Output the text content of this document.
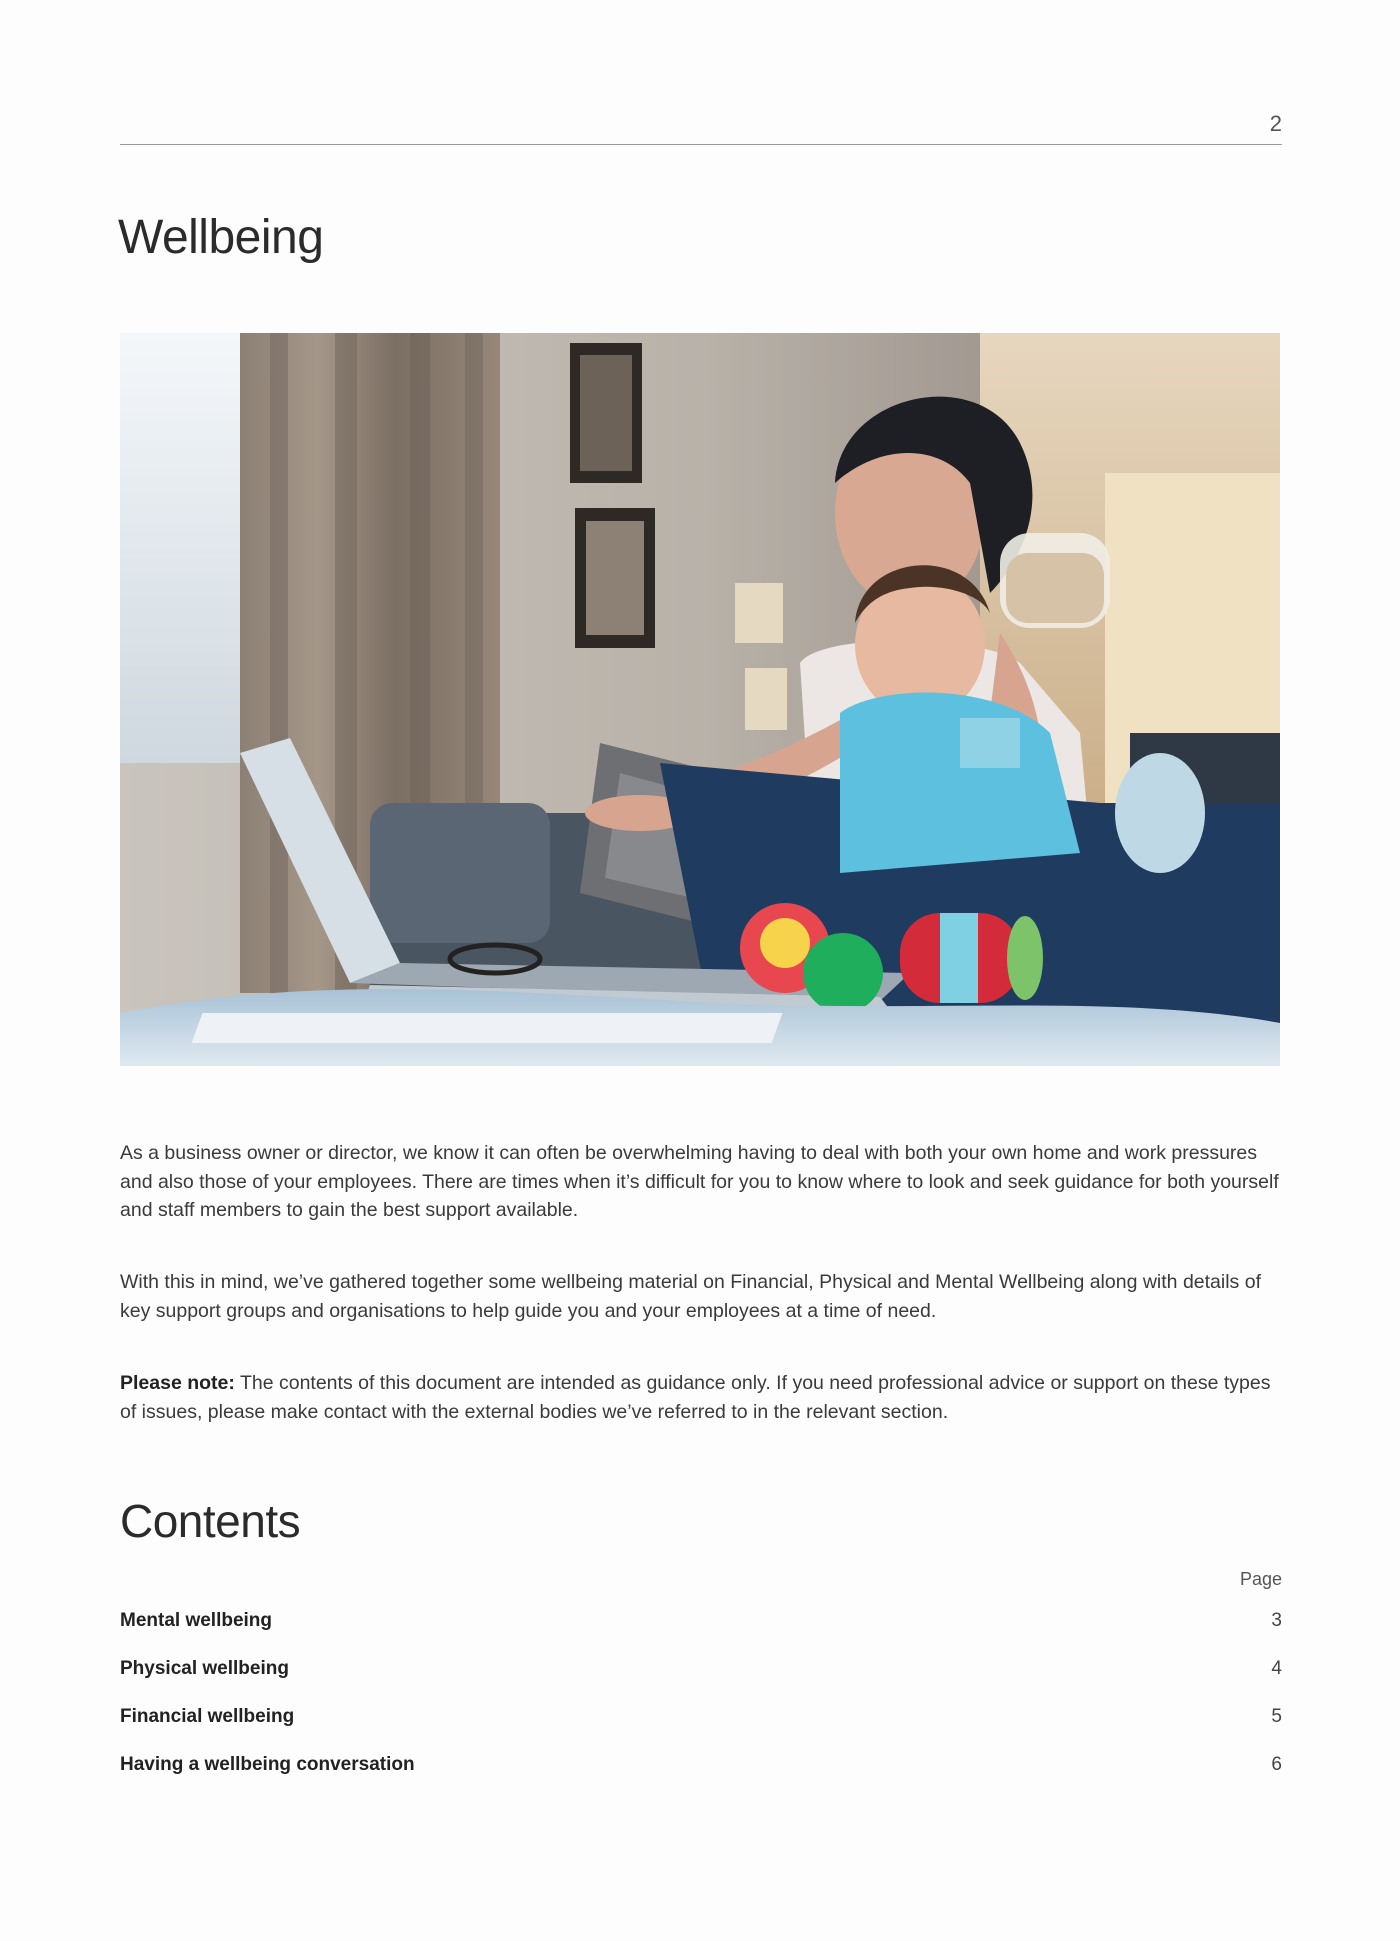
2
Wellbeing
As a business owner or director, we know it can often be overwhelming having to deal with both your own home and work pressures and also those of your employees. There are times when it’s difficult for you to know where to look and seek guidance for both yourself and staff members to gain the best support available.
With this in mind, we’ve gathered together some wellbeing material on Financial, Physical and Mental Wellbeing along with details of key support groups and organisations to help guide you and your employees at a time of need.
Please note: The contents of this document are intended as guidance only. If you need professional advice or support on these types of issues, please make contact with the external bodies we’ve referred to in the relevant section.
Contents
Page
Mental wellbeing	3
Physical wellbeing	4
Financial wellbeing	5
Having a wellbeing conversation	6
